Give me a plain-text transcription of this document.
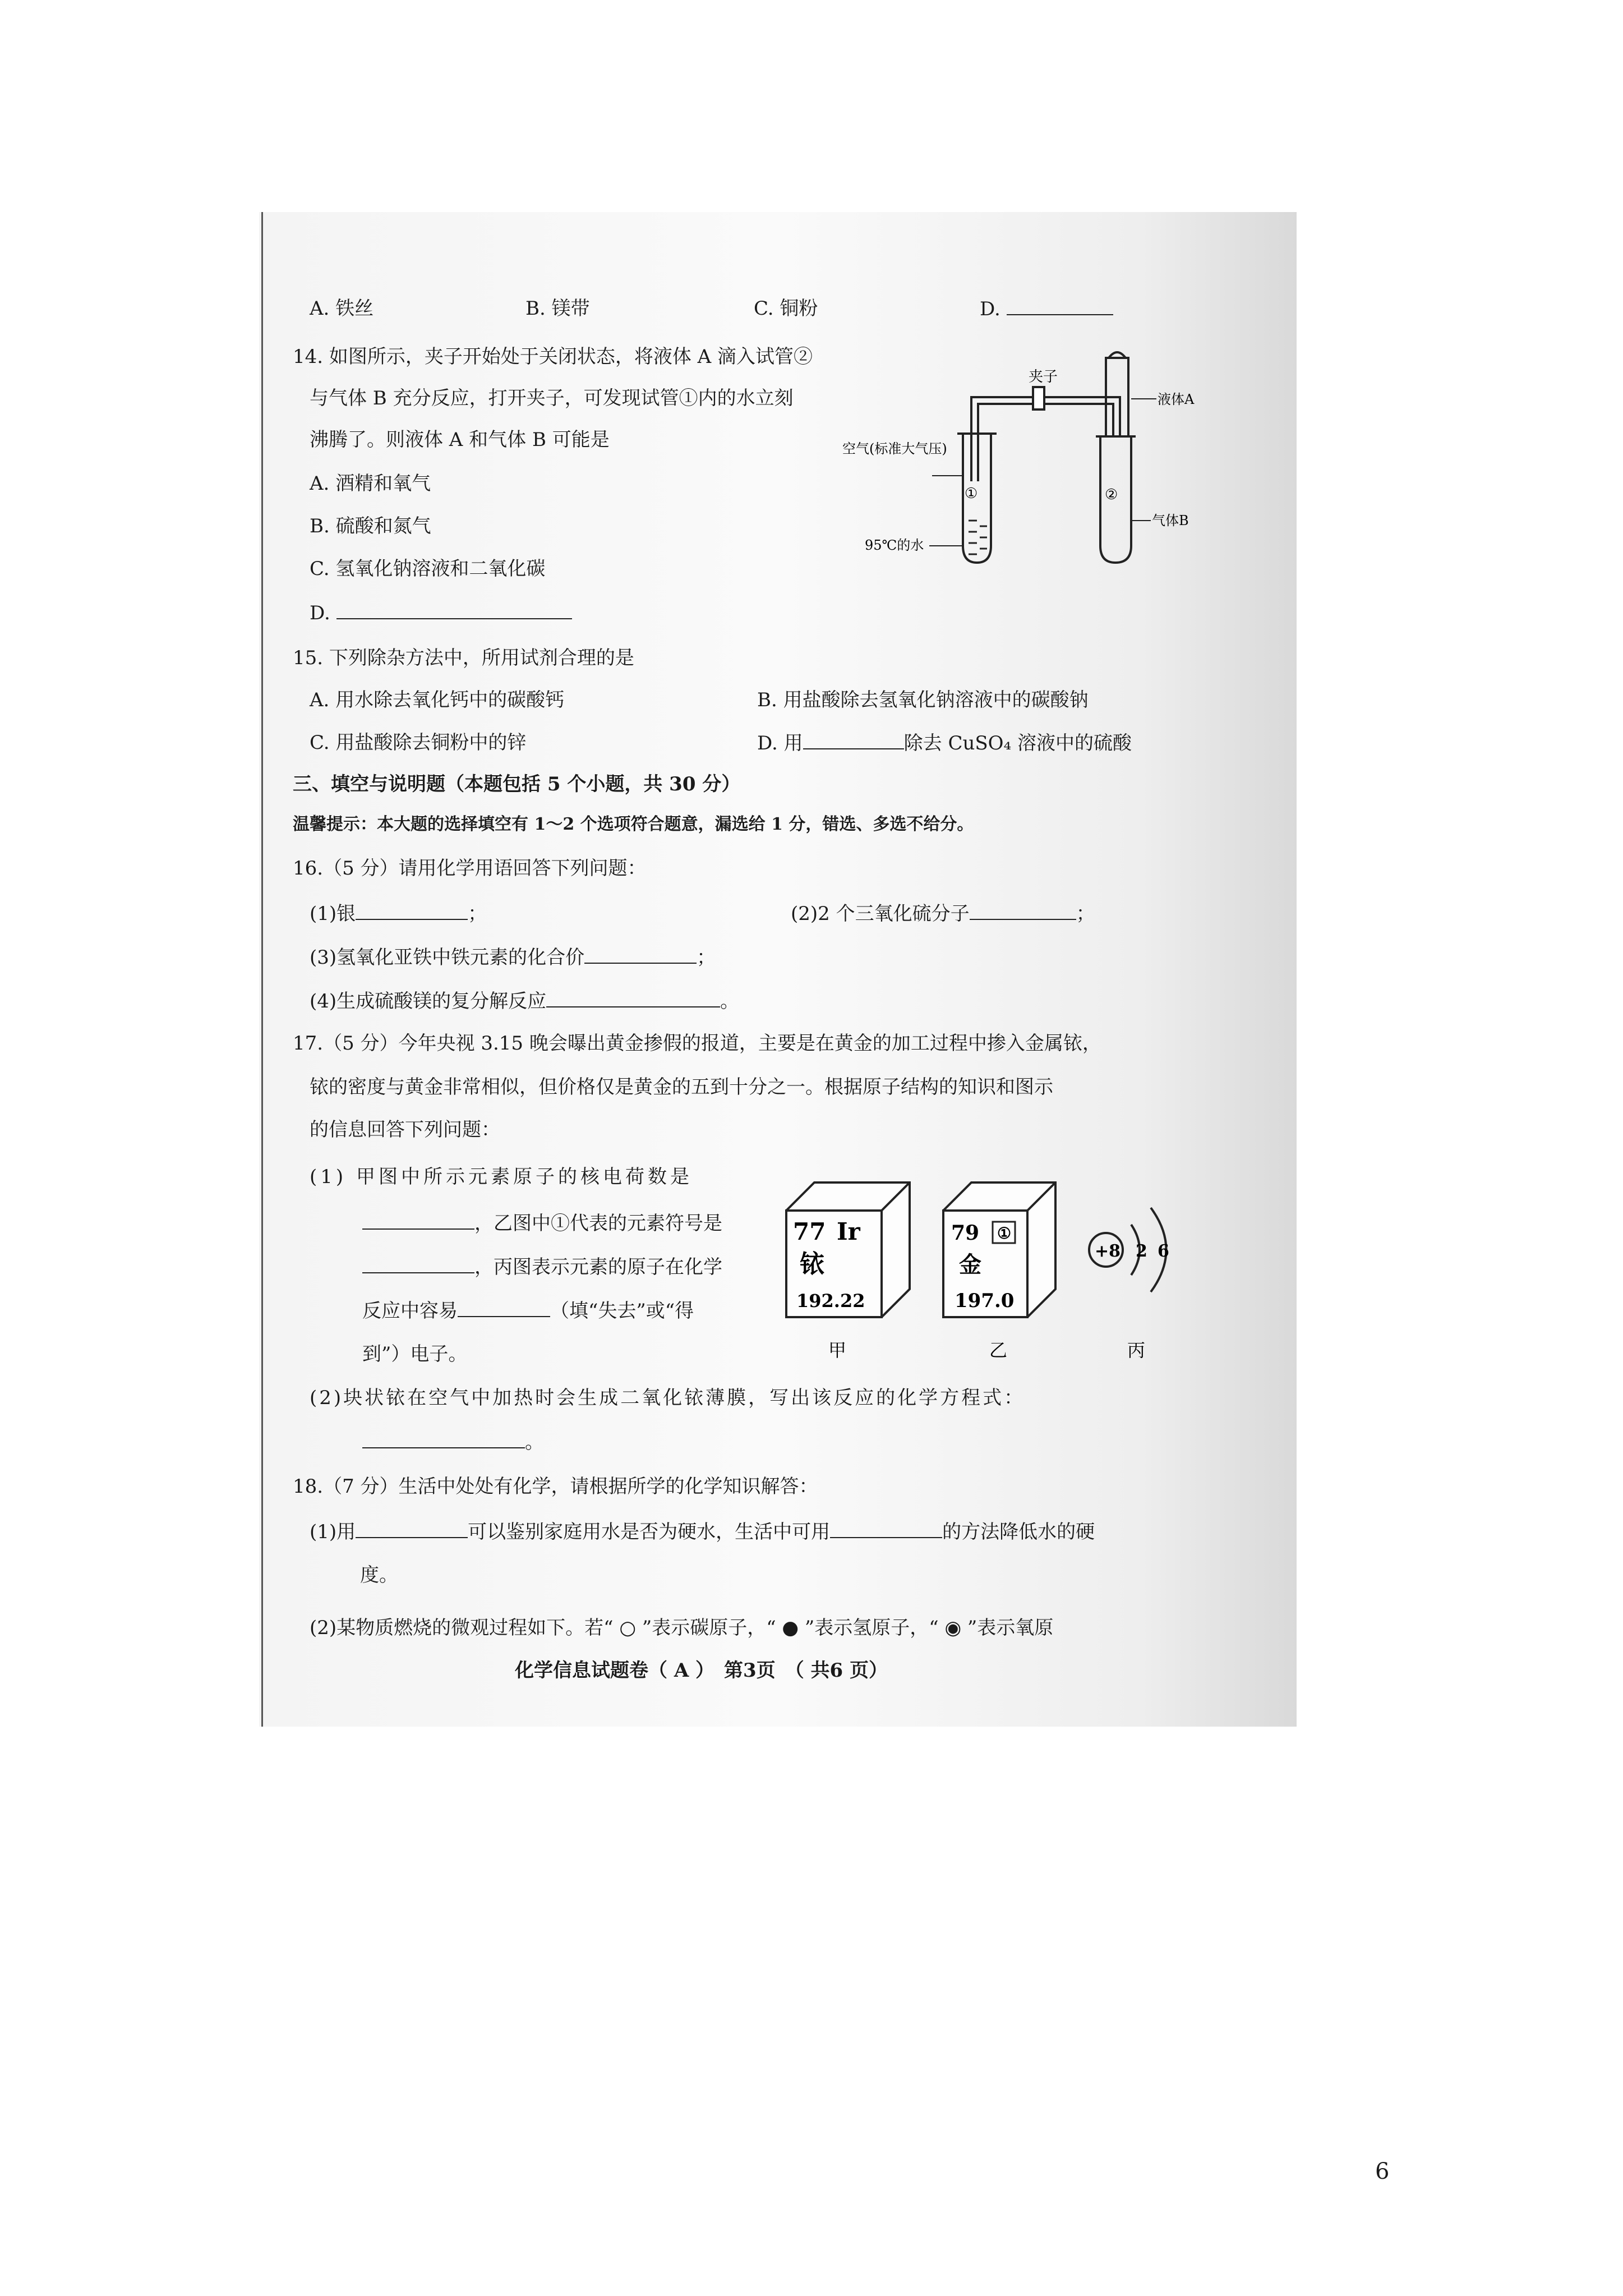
A. 铁丝	B. 镁带	C. 铜粉	D.
14. 如图所示，夹子开始处于关闭状态，将液体 A 滴入试管②
与气体 B 充分反应，打开夹子，可发现试管①内的水立刻
沸腾了。则液体 A 和气体 B 可能是
A. 酒精和氧气
B. 硫酸和氮气
C. 氢氧化钠溶液和二氧化碳
D.
夹子
液体A
空气(标准大气压)
①	②
95℃的水
气体B
15. 下列除杂方法中，所用试剂合理的是
A. 用水除去氧化钙中的碳酸钙	B. 用盐酸除去氢氧化钠溶液中的碳酸钠
C. 用盐酸除去铜粉中的锌	D. 用	除去 CuSO₄ 溶液中的硫酸
三、填空与说明题（本题包括 5 个小题，共 30 分）
温馨提示：本大题的选择填空有 1～2 个选项符合题意，漏选给 1 分，错选、多选不给分。
16.（5 分）请用化学用语回答下列问题：
(1)银	；	(2)2 个三氧化硫分子	；
(3)氢氧化亚铁中铁元素的化合价	；
(4)生成硫酸镁的复分解反应	。
17.（5 分）今年央视 3.15 晚会曝出黄金掺假的报道，主要是在黄金的加工过程中掺入金属铱，
铱的密度与黄金非常相似，但价格仅是黄金的五到十分之一。根据原子结构的知识和图示
的信息回答下列问题：
(1) 甲图中所示元素原子的核电荷数是
，乙图中①代表的元素符号是
，丙图表示元素的原子在化学
反应中容易	（填“失去”或“得
到”）电子。
77 Ir
铱
192.22
79 ①
金
197.0
+8 2 6
甲	乙	丙
(2)块状铱在空气中加热时会生成二氧化铱薄膜，写出该反应的化学方程式：
。
18.（7 分）生活中处处有化学，请根据所学的化学知识解答：
(1)用	可以鉴别家庭用水是否为硬水，生活中可用	的方法降低水的硬
度。
(2)某物质燃烧的微观过程如下。若“ ○ ”表示碳原子，“ ● ”表示氢原子，“ ◉ ”表示氧原
化学信息试题卷（ A ）　第3页　（ 共6 页）
6
